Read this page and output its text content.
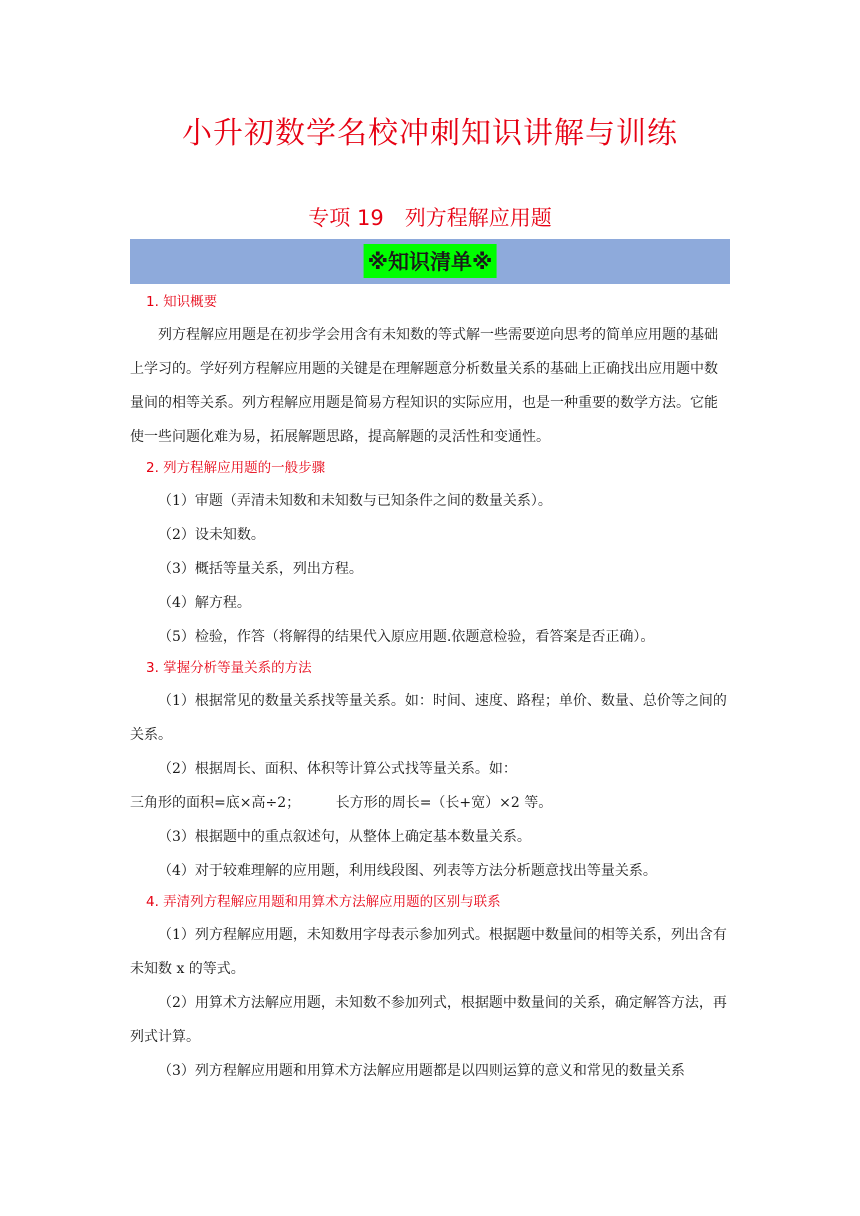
小升初数学名校冲刺知识讲解与训练
专项 19　列方程解应用题
※知识清单※

1. 知识概要

列方程解应用题是在初步学会用含有未知数的等式解一些需要逆向思考的简单应用题的基础上学习的。学好列方程解应用题的关键是在理解题意分析数量关系的基础上正确找出应用题中数量间的相等关系。列方程解应用题是简易方程知识的实际应用，也是一种重要的数学方法。它能使一些问题化难为易，拓展解题思路，提高解题的灵活性和变通性。

2. 列方程解应用题的一般步骤

（1）审题（弄清未知数和未知数与已知条件之间的数量关系）。

（2）设未知数。

（3）概括等量关系，列出方程。

（4）解方程。

（5）检验，作答（将解得的结果代入原应用题.依题意检验，看答案是否正确）。

3. 掌握分析等量关系的方法

（1）根据常见的数量关系找等量关系。如：时间、速度、路程；单价、数量、总价等之间的关系。

（2）根据周长、面积、体积等计算公式找等量关系。如：

三角形的面积=底×高÷2；        长方形的周长=（长+宽）×2 等。

（3）根据题中的重点叙述句，从整体上确定基本数量关系。

（4）对于较难理解的应用题，利用线段图、列表等方法分析题意找出等量关系。

4. 弄清列方程解应用题和用算术方法解应用题的区别与联系

（1）列方程解应用题，未知数用字母表示参加列式。根据题中数量间的相等关系，列出含有未知数 x 的等式。

（2）用算术方法解应用题，未知数不参加列式，根据题中数量间的关系，确定解答方法，再列式计算。

（3）列方程解应用题和用算术方法解应用题都是以四则运算的意义和常见的数量关系
